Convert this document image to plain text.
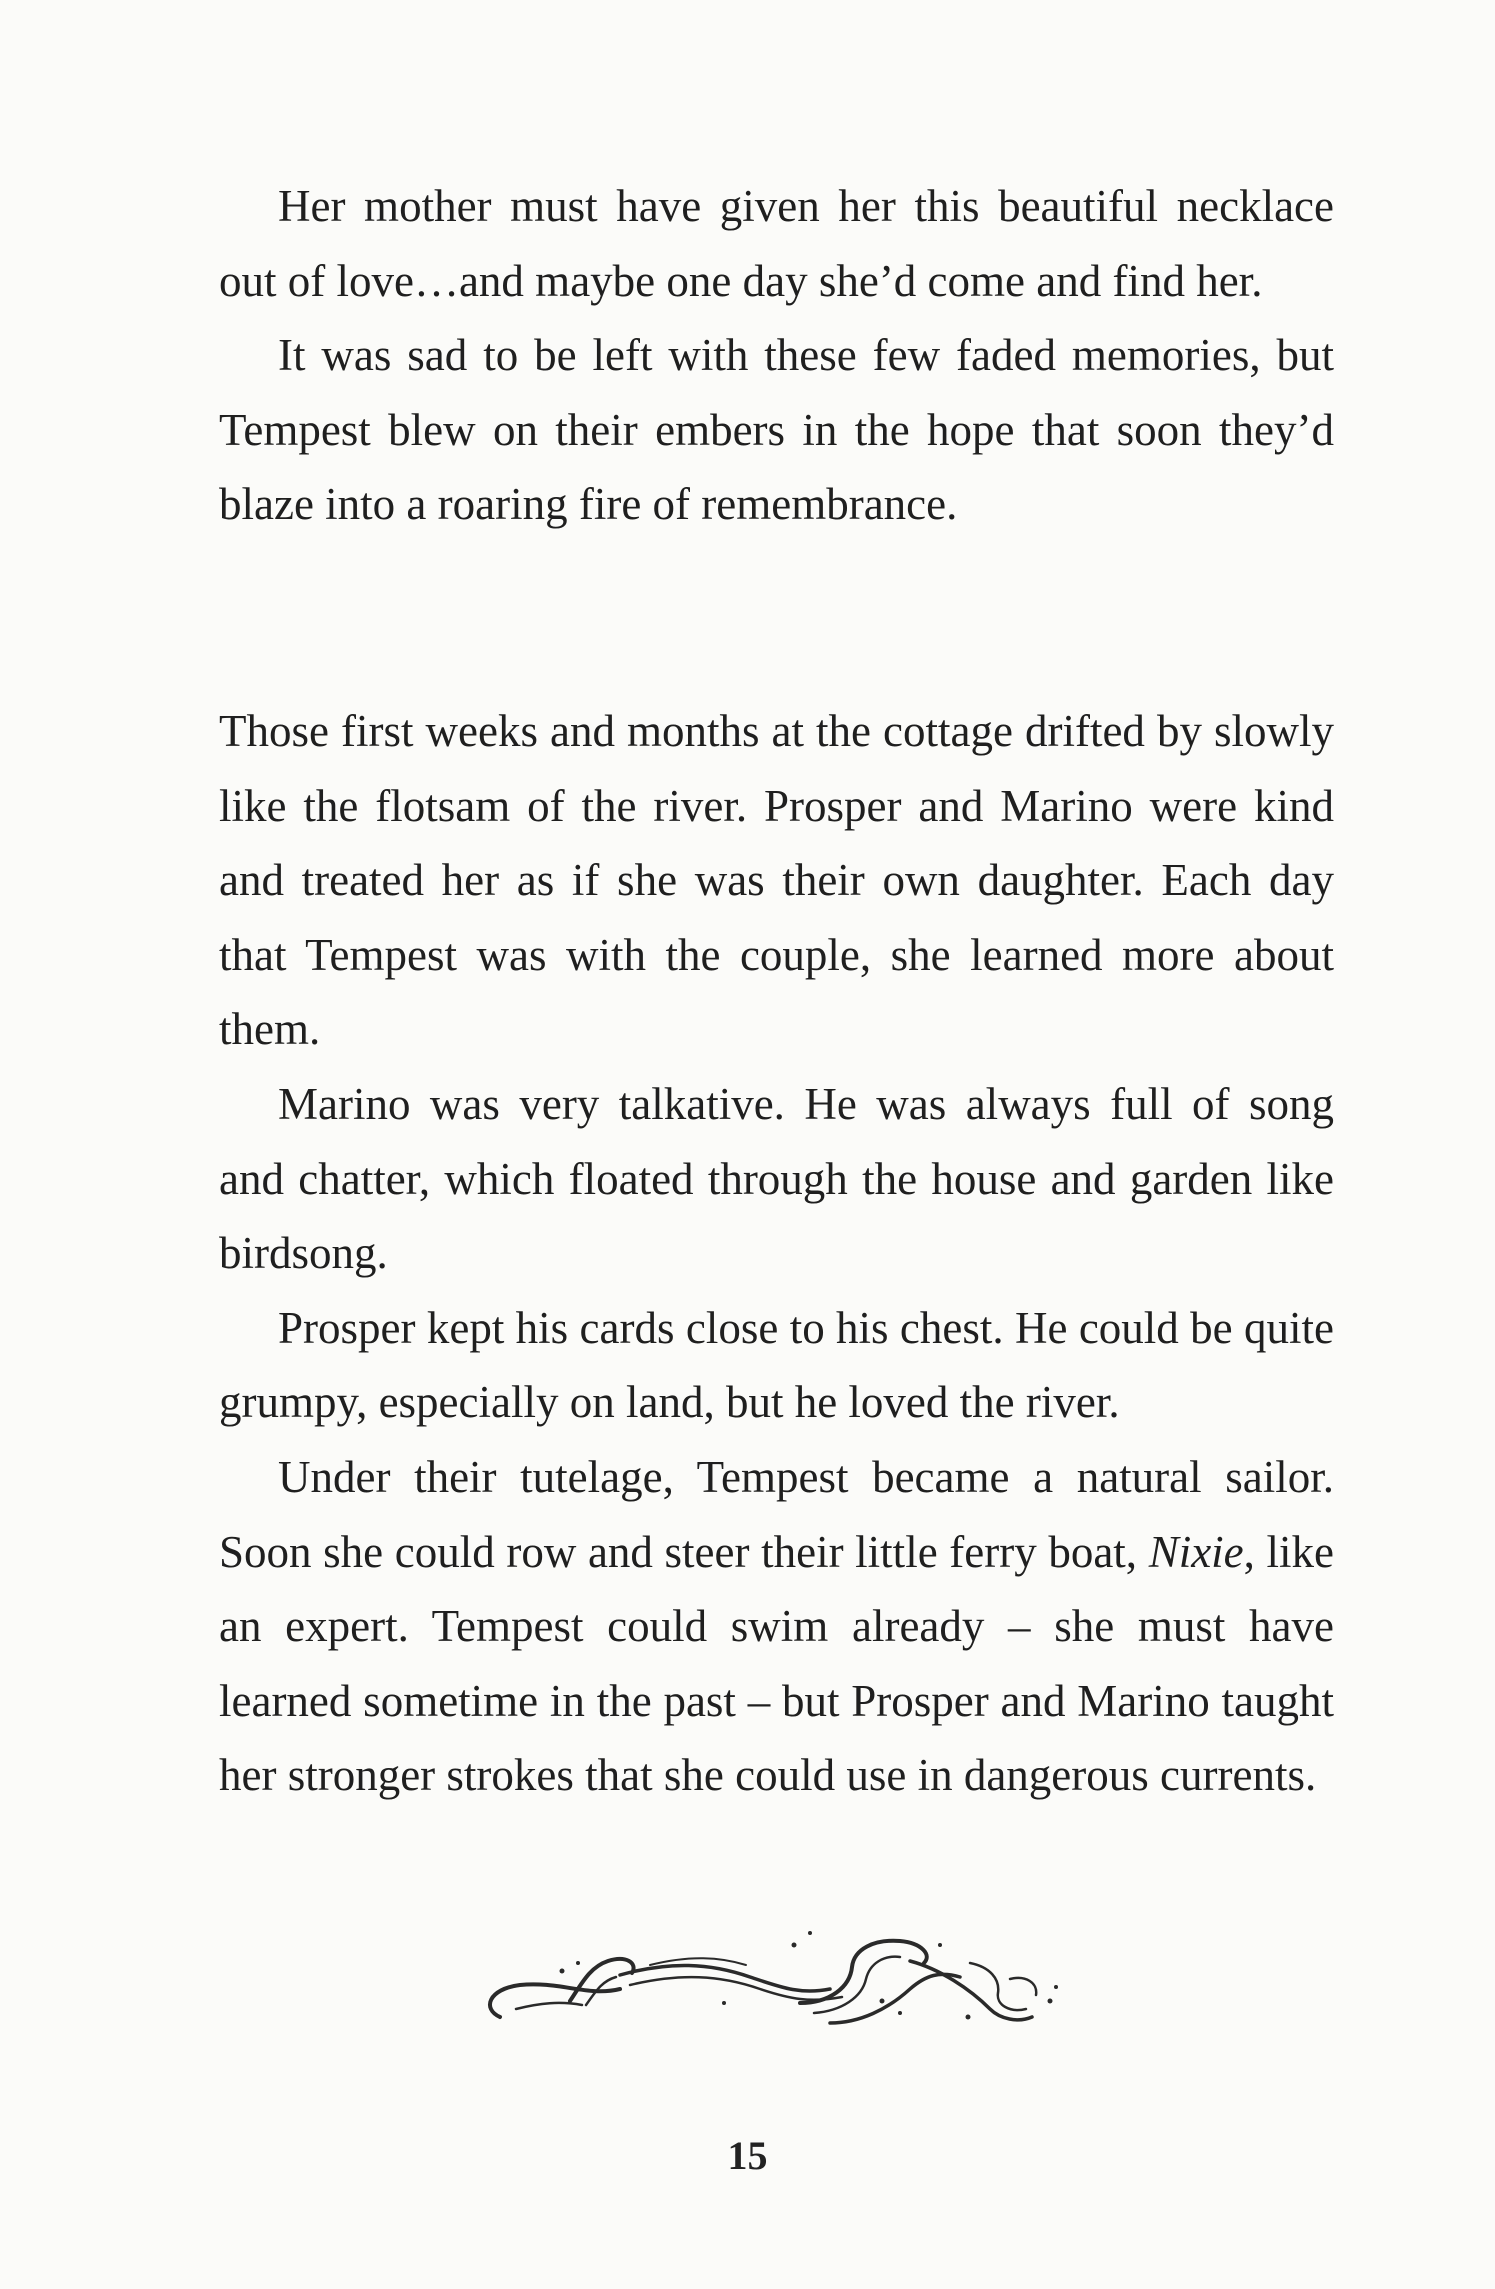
Her mother must have given her this beautiful necklace out of love…and maybe one day she’d come and find her.

It was sad to be left with these few faded memories, but Tempest blew on their embers in the hope that soon they’d blaze into a roaring fire of remembrance.

Those first weeks and months at the cottage drifted by slowly like the flotsam of the river. Prosper and Marino were kind and treated her as if she was their own daughter. Each day that Tempest was with the couple, she learned more about them.

Marino was very talkative. He was always full of song and chatter, which floated through the house and garden like birdsong.

Prosper kept his cards close to his chest. He could be quite grumpy, especially on land, but he loved the river.

Under their tutelage, Tempest became a natural sailor. Soon she could row and steer their little ferry boat, Nixie, like an expert. Tempest could swim already – she must have learned sometime in the past – but Prosper and Marino taught her stronger strokes that she could use in dangerous currents.

15
